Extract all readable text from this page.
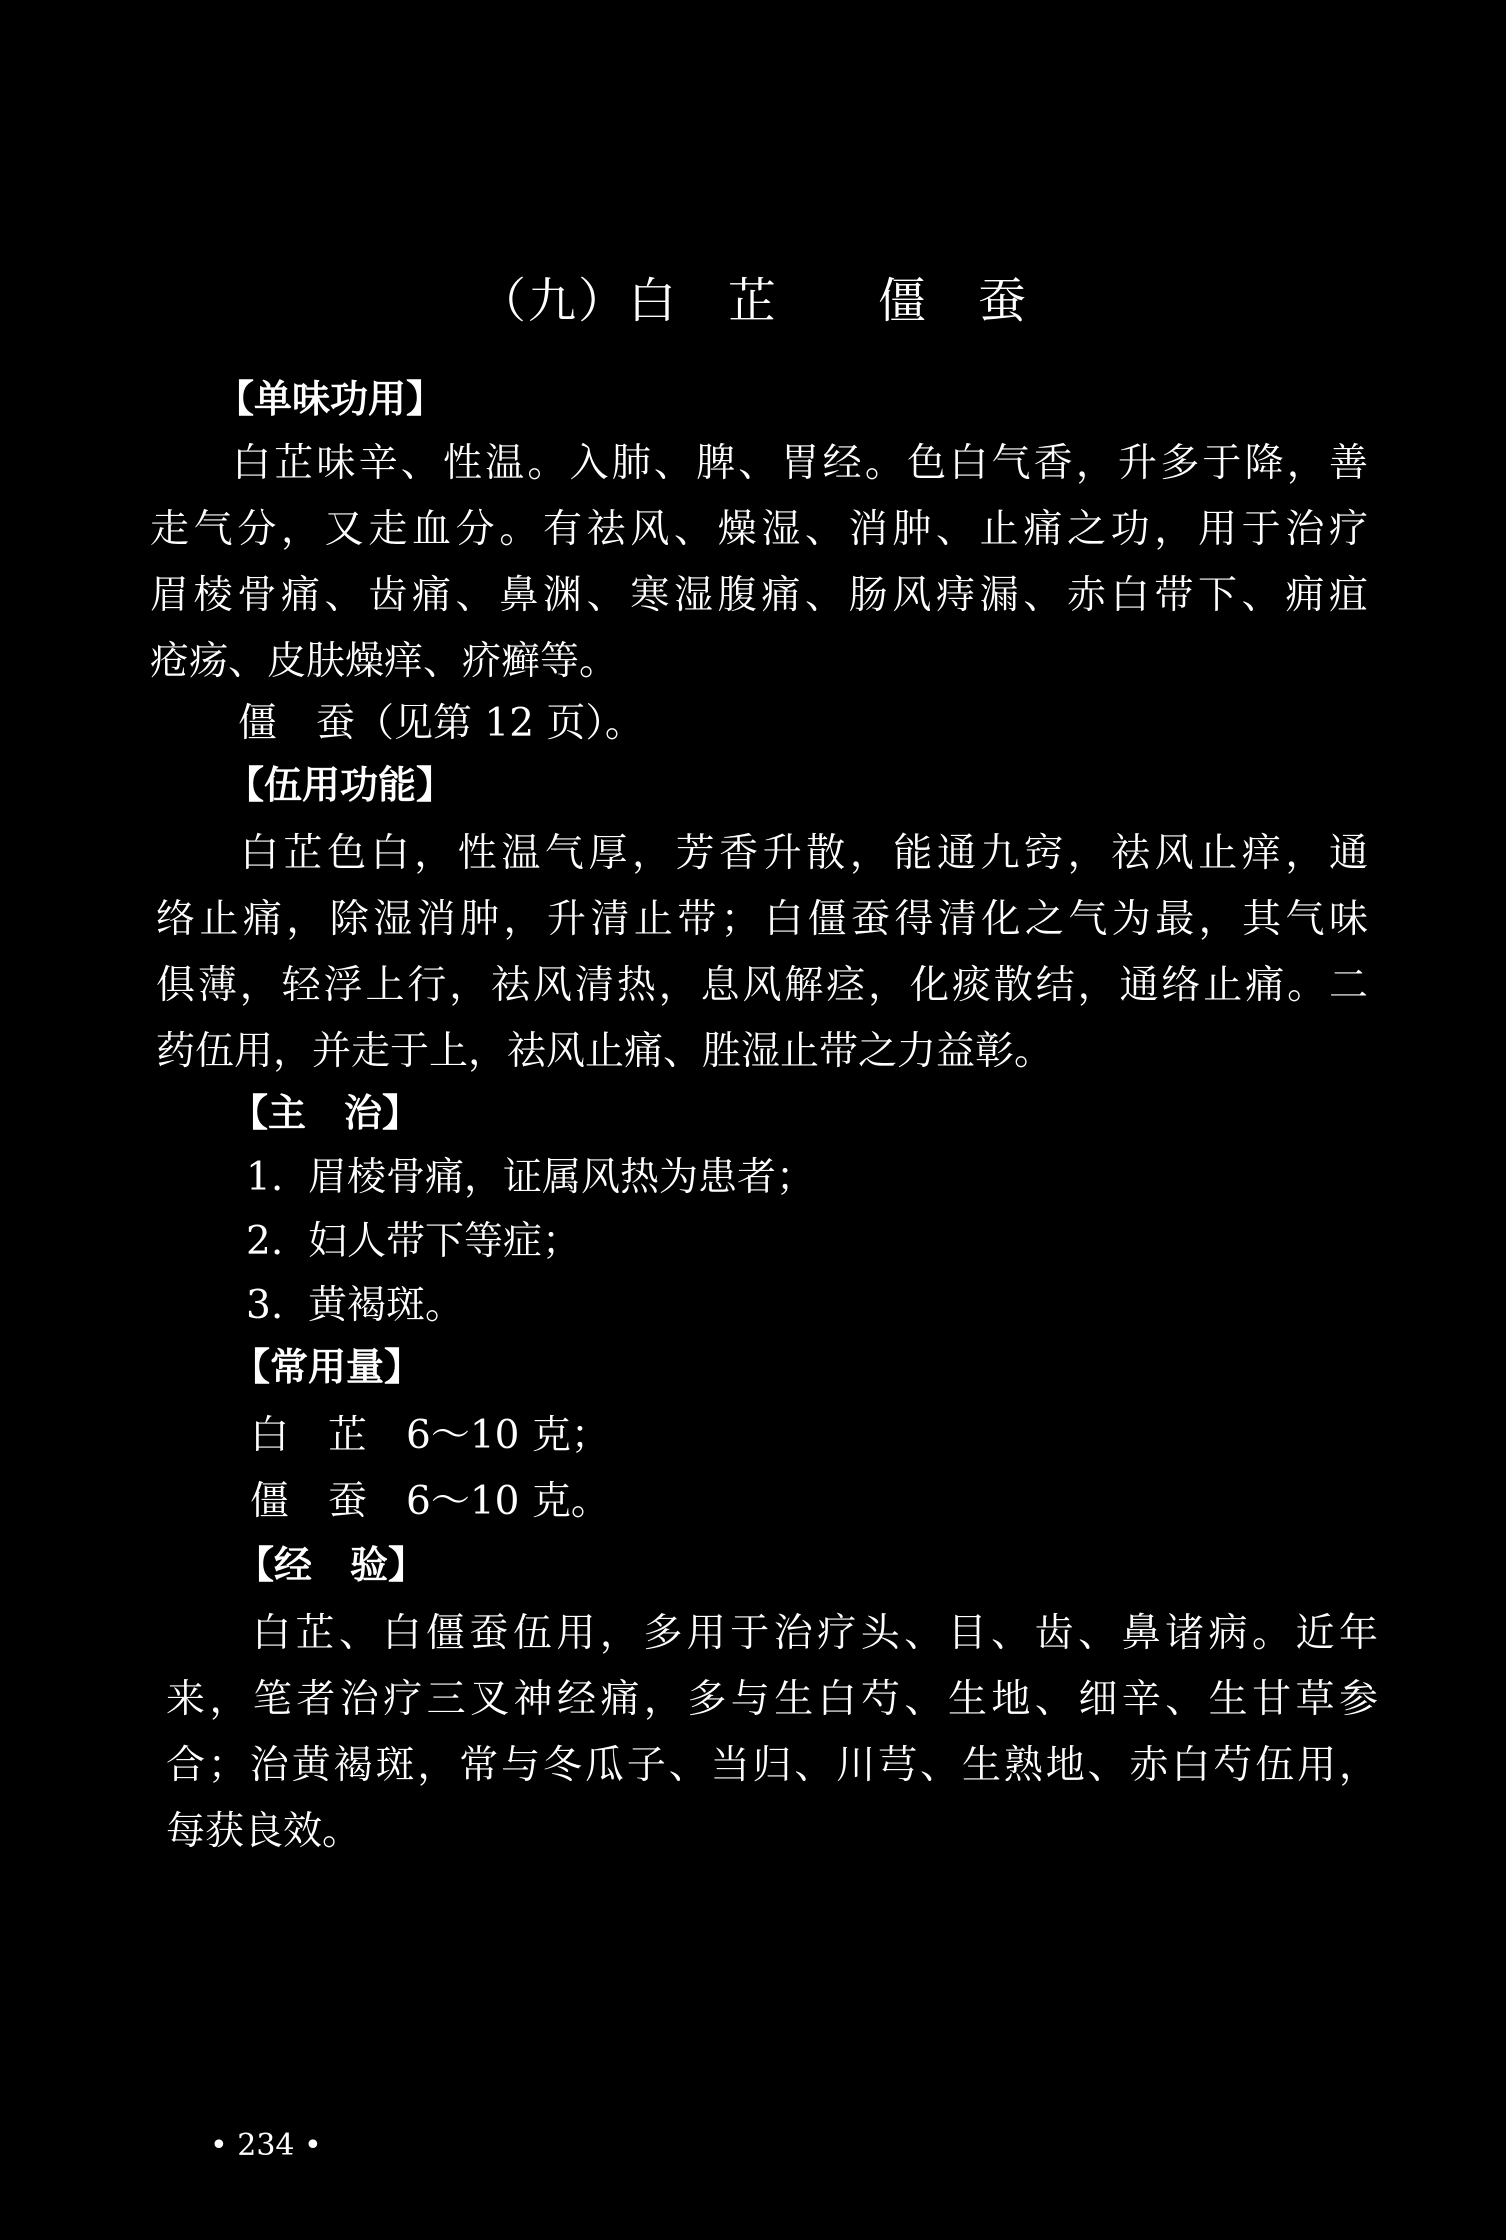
（九）白　芷　　僵　蚕
【单味功用】
白芷味辛、性温。入肺、脾、胃经。色白气香，升多于降，善
走气分，又走血分。有祛风、燥湿、消肿、止痛之功，用于治疗
眉棱骨痛、齿痛、鼻渊、寒湿腹痛、肠风痔漏、赤白带下、痈疽
疮疡、皮肤燥痒、疥癣等。
僵　蚕（见第 12 页）。
【伍用功能】
白芷色白，性温气厚，芳香升散，能通九窍，祛风止痒，通
络止痛，除湿消肿，升清止带；白僵蚕得清化之气为最，其气味
俱薄，轻浮上行，祛风清热，息风解痉，化痰散结，通络止痛。二
药伍用，并走于上，祛风止痛、胜湿止带之力益彰。
【主　治】
1.  眉棱骨痛，证属风热为患者；
2.  妇人带下等症；
3.  黄褐斑。
【常用量】
白　芷　6～10 克；
僵　蚕　6～10 克。
【经　验】
白芷、白僵蚕伍用，多用于治疗头、目、齿、鼻诸病。近年
来，笔者治疗三叉神经痛，多与生白芍、生地、细辛、生甘草参
合；治黄褐斑，常与冬瓜子、当归、川芎、生熟地、赤白芍伍用，
每获良效。
• 234 •
